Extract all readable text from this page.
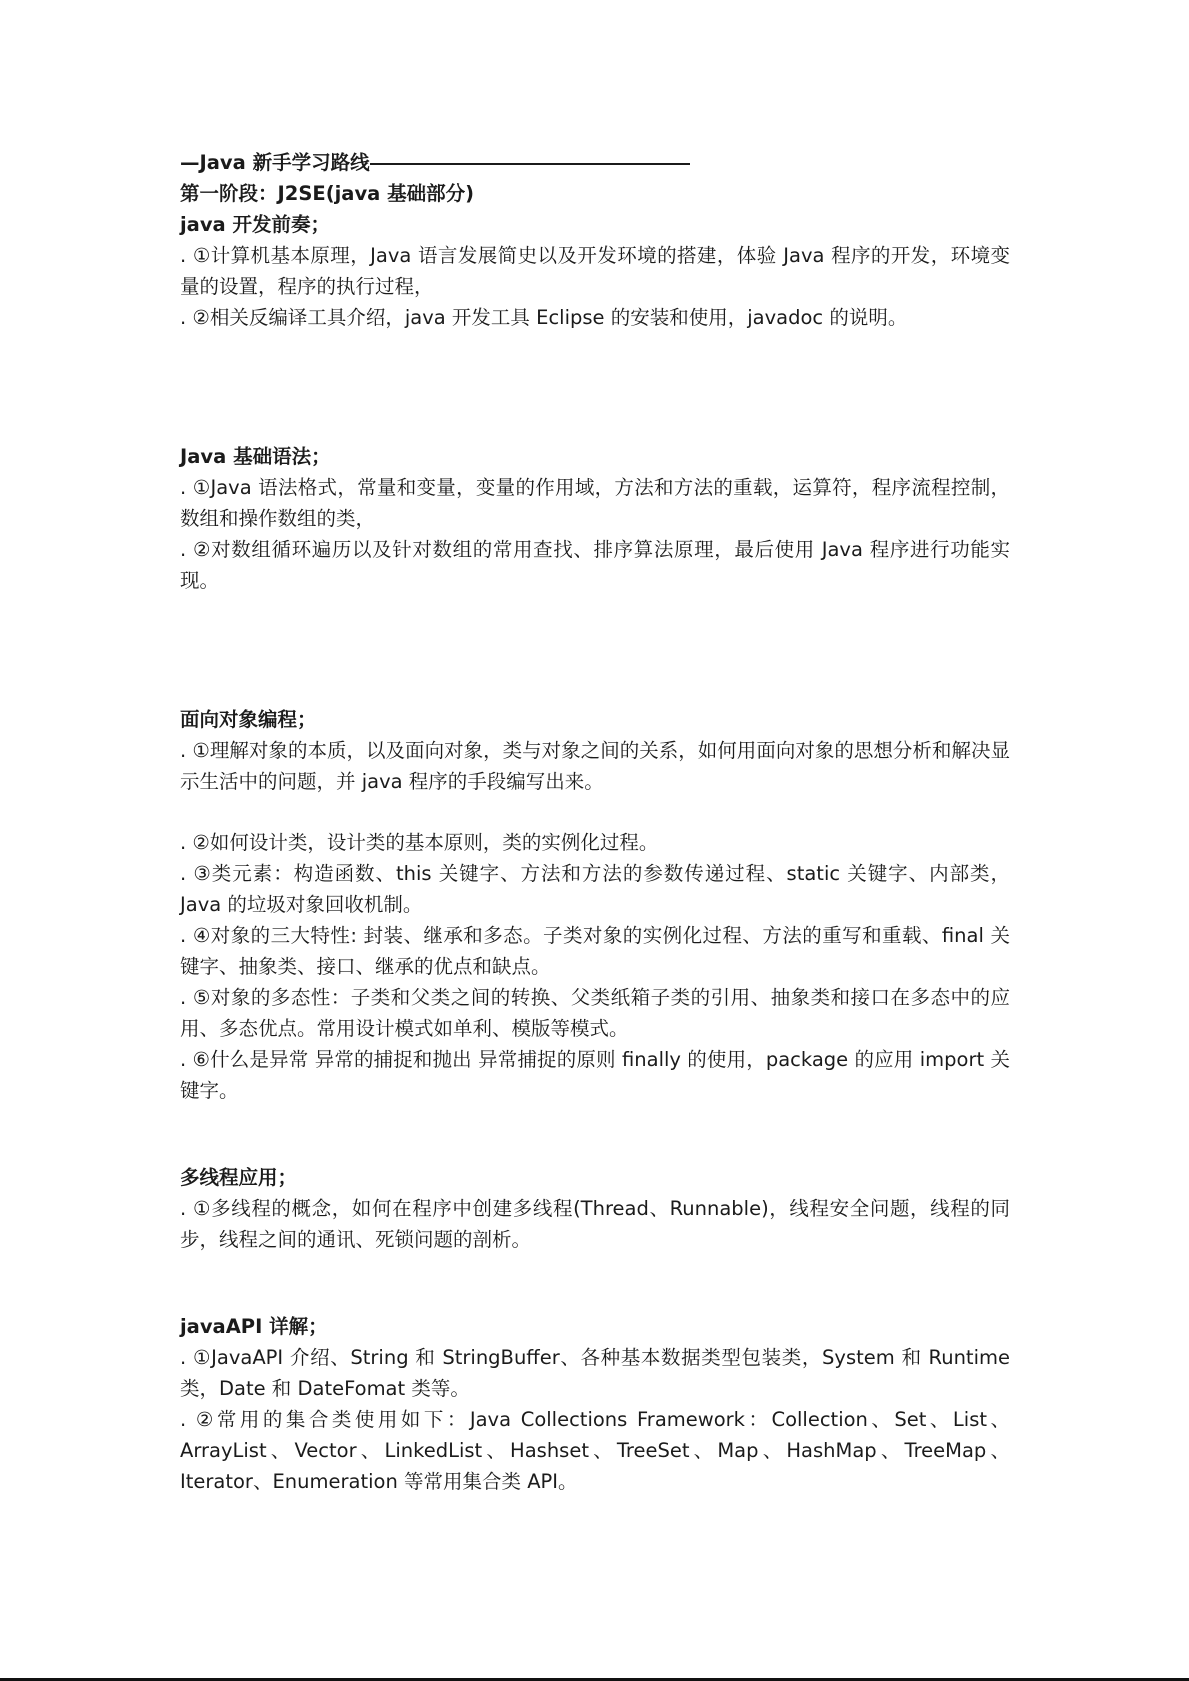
—Java 新手学习路线

第一阶段：J2SE(java 基础部分)

java 开发前奏；

. ①计算机基本原理，Java 语言发展简史以及开发环境的搭建，体验 Java 程序的开发，环境变量的设置，程序的执行过程，

. ②相关反编译工具介绍，java 开发工具 Eclipse 的安装和使用，javadoc 的说明。

Java 基础语法；

. ①Java 语法格式，常量和变量，变量的作用域，方法和方法的重载，运算符，程序流程控制，数组和操作数组的类，

. ②对数组循环遍历以及针对数组的常用查找、排序算法原理，最后使用 Java 程序进行功能实现。

面向对象编程；

. ①理解对象的本质，以及面向对象，类与对象之间的关系，如何用面向对象的思想分析和解决显示生活中的问题，并 java 程序的手段编写出来。

. ②如何设计类，设计类的基本原则，类的实例化过程。

. ③类元素：构造函数、this 关键字、方法和方法的参数传递过程、static 关键字、内部类，Java 的垃圾对象回收机制。

. ④对象的三大特性: 封装、继承和多态。子类对象的实例化过程、方法的重写和重载、final 关键字、抽象类、接口、继承的优点和缺点。

. ⑤对象的多态性：子类和父类之间的转换、父类纸箱子类的引用、抽象类和接口在多态中的应用、多态优点。常用设计模式如单利、模版等模式。

. ⑥什么是异常 异常的捕捉和抛出 异常捕捉的原则 finally 的使用，package 的应用 import 关键字。

多线程应用；

. ①多线程的概念，如何在程序中创建多线程(Thread、Runnable)，线程安全问题，线程的同步，线程之间的通讯、死锁问题的剖析。

javaAPI 详解；

. ①JavaAPI 介绍、String 和 StringBuffer、各种基本数据类型包装类，System 和 Runtime 类，Date 和 DateFomat 类等。

. ②常用的集合类使用如下：Java Collections Framework：Collection、Set、List、ArrayList、Vector、LinkedList、Hashset、TreeSet、Map、HashMap、TreeMap、Iterator、Enumeration 等常用集合类 API。
